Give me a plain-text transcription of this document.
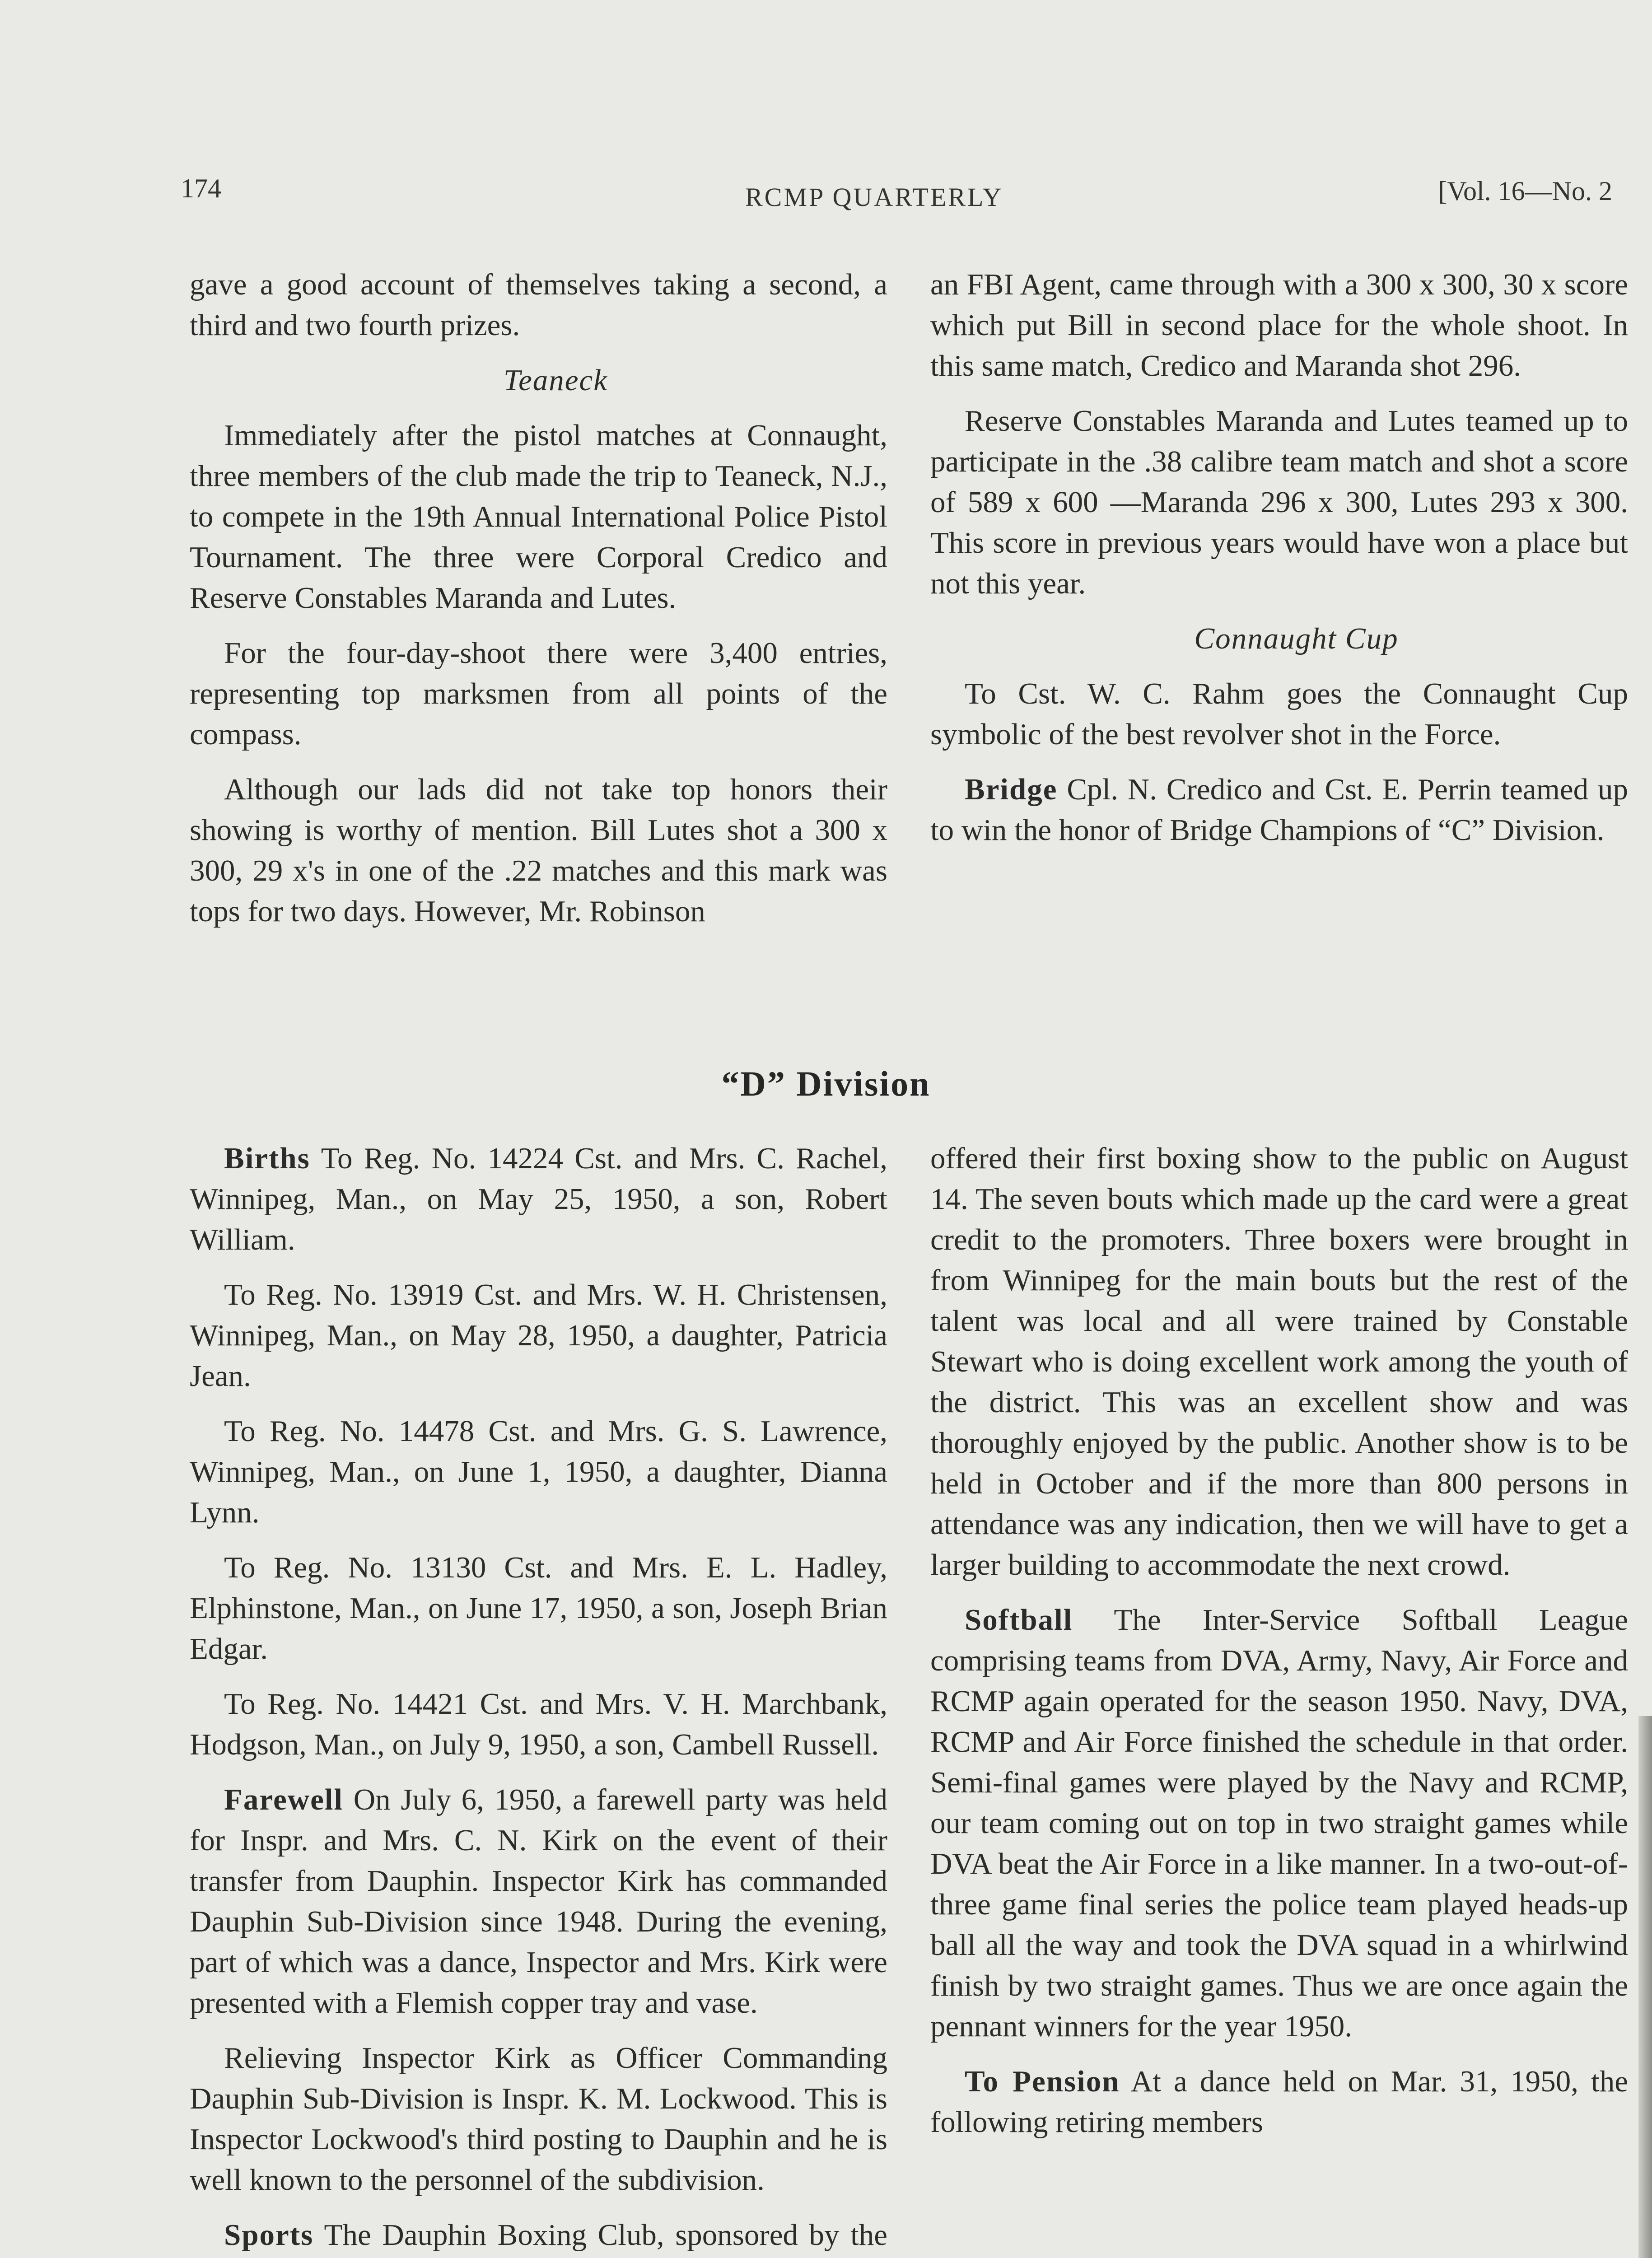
174	RCMP QUARTERLY	[Vol. 16—No. 2

gave a good account of themselves taking a second, a third and two fourth prizes.

Teaneck

Immediately after the pistol matches at Connaught, three members of the club made the trip to Teaneck, N.J., to compete in the 19th Annual International Police Pistol Tournament. The three were Corporal Credico and Reserve Constables Maranda and Lutes.

For the four-day-shoot there were 3,400 entries, representing top marksmen from all points of the compass.

Although our lads did not take top honors their showing is worthy of mention. Bill Lutes shot a 300 x 300, 29 x's in one of the .22 matches and this mark was tops for two days. However, Mr. Robinson

an FBI Agent, came through with a 300 x 300, 30 x score which put Bill in second place for the whole shoot. In this same match, Credico and Maranda shot 296.

Reserve Constables Maranda and Lutes teamed up to participate in the .38 calibre team match and shot a score of 589 x 600 —Maranda 296 x 300, Lutes 293 x 300. This score in previous years would have won a place but not this year.

Connaught Cup

To Cst. W. C. Rahm goes the Connaught Cup symbolic of the best revolver shot in the Force.

Bridge Cpl. N. Credico and Cst. E. Perrin teamed up to win the honor of Bridge Champions of “C” Division.

“D” Division

Births To Reg. No. 14224 Cst. and Mrs. C. Rachel, Winnipeg, Man., on May 25, 1950, a son, Robert William.

To Reg. No. 13919 Cst. and Mrs. W. H. Christensen, Winnipeg, Man., on May 28, 1950, a daughter, Patricia Jean.

To Reg. No. 14478 Cst. and Mrs. G. S. Lawrence, Winnipeg, Man., on June 1, 1950, a daughter, Dianna Lynn.

To Reg. No. 13130 Cst. and Mrs. E. L. Hadley, Elphinstone, Man., on June 17, 1950, a son, Joseph Brian Edgar.

To Reg. No. 14421 Cst. and Mrs. V. H. Marchbank, Hodgson, Man., on July 9, 1950, a son, Cambell Russell.

Farewell On July 6, 1950, a farewell party was held for Inspr. and Mrs. C. N. Kirk on the event of their transfer from Dauphin. Inspector Kirk has commanded Dauphin Sub-Division since 1948. During the evening, part of which was a dance, Inspector and Mrs. Kirk were presented with a Flemish copper tray and vase.

Relieving Inspector Kirk as Officer Commanding Dauphin Sub-Division is Inspr. K. M. Lockwood. This is Inspector Lockwood's third posting to Dauphin and he is well known to the personnel of the subdivision.

Sports The Dauphin Boxing Club, sponsored by the

offered their first boxing show to the public on August 14. The seven bouts which made up the card were a great credit to the promoters. Three boxers were brought in from Winnipeg for the main bouts but the rest of the talent was local and all were trained by Constable Stewart who is doing excellent work among the youth of the district. This was an excellent show and was thoroughly enjoyed by the public. Another show is to be held in October and if the more than 800 persons in attendance was any indication, then we will have to get a larger building to accommodate the next crowd.

Softball The Inter-Service Softball League comprising teams from DVA, Army, Navy, Air Force and RCMP again operated for the season 1950. Navy, DVA, RCMP and Air Force finished the schedule in that order. Semi-final games were played by the Navy and RCMP, our team coming out on top in two straight games while DVA beat the Air Force in a like manner. In a two-out-of-three game final series the police team played heads-up ball all the way and took the DVA squad in a whirlwind finish by two straight games. Thus we are once again the pennant winners for the year 1950.

To Pension At a dance held on Mar. 31, 1950, the following retiring members
